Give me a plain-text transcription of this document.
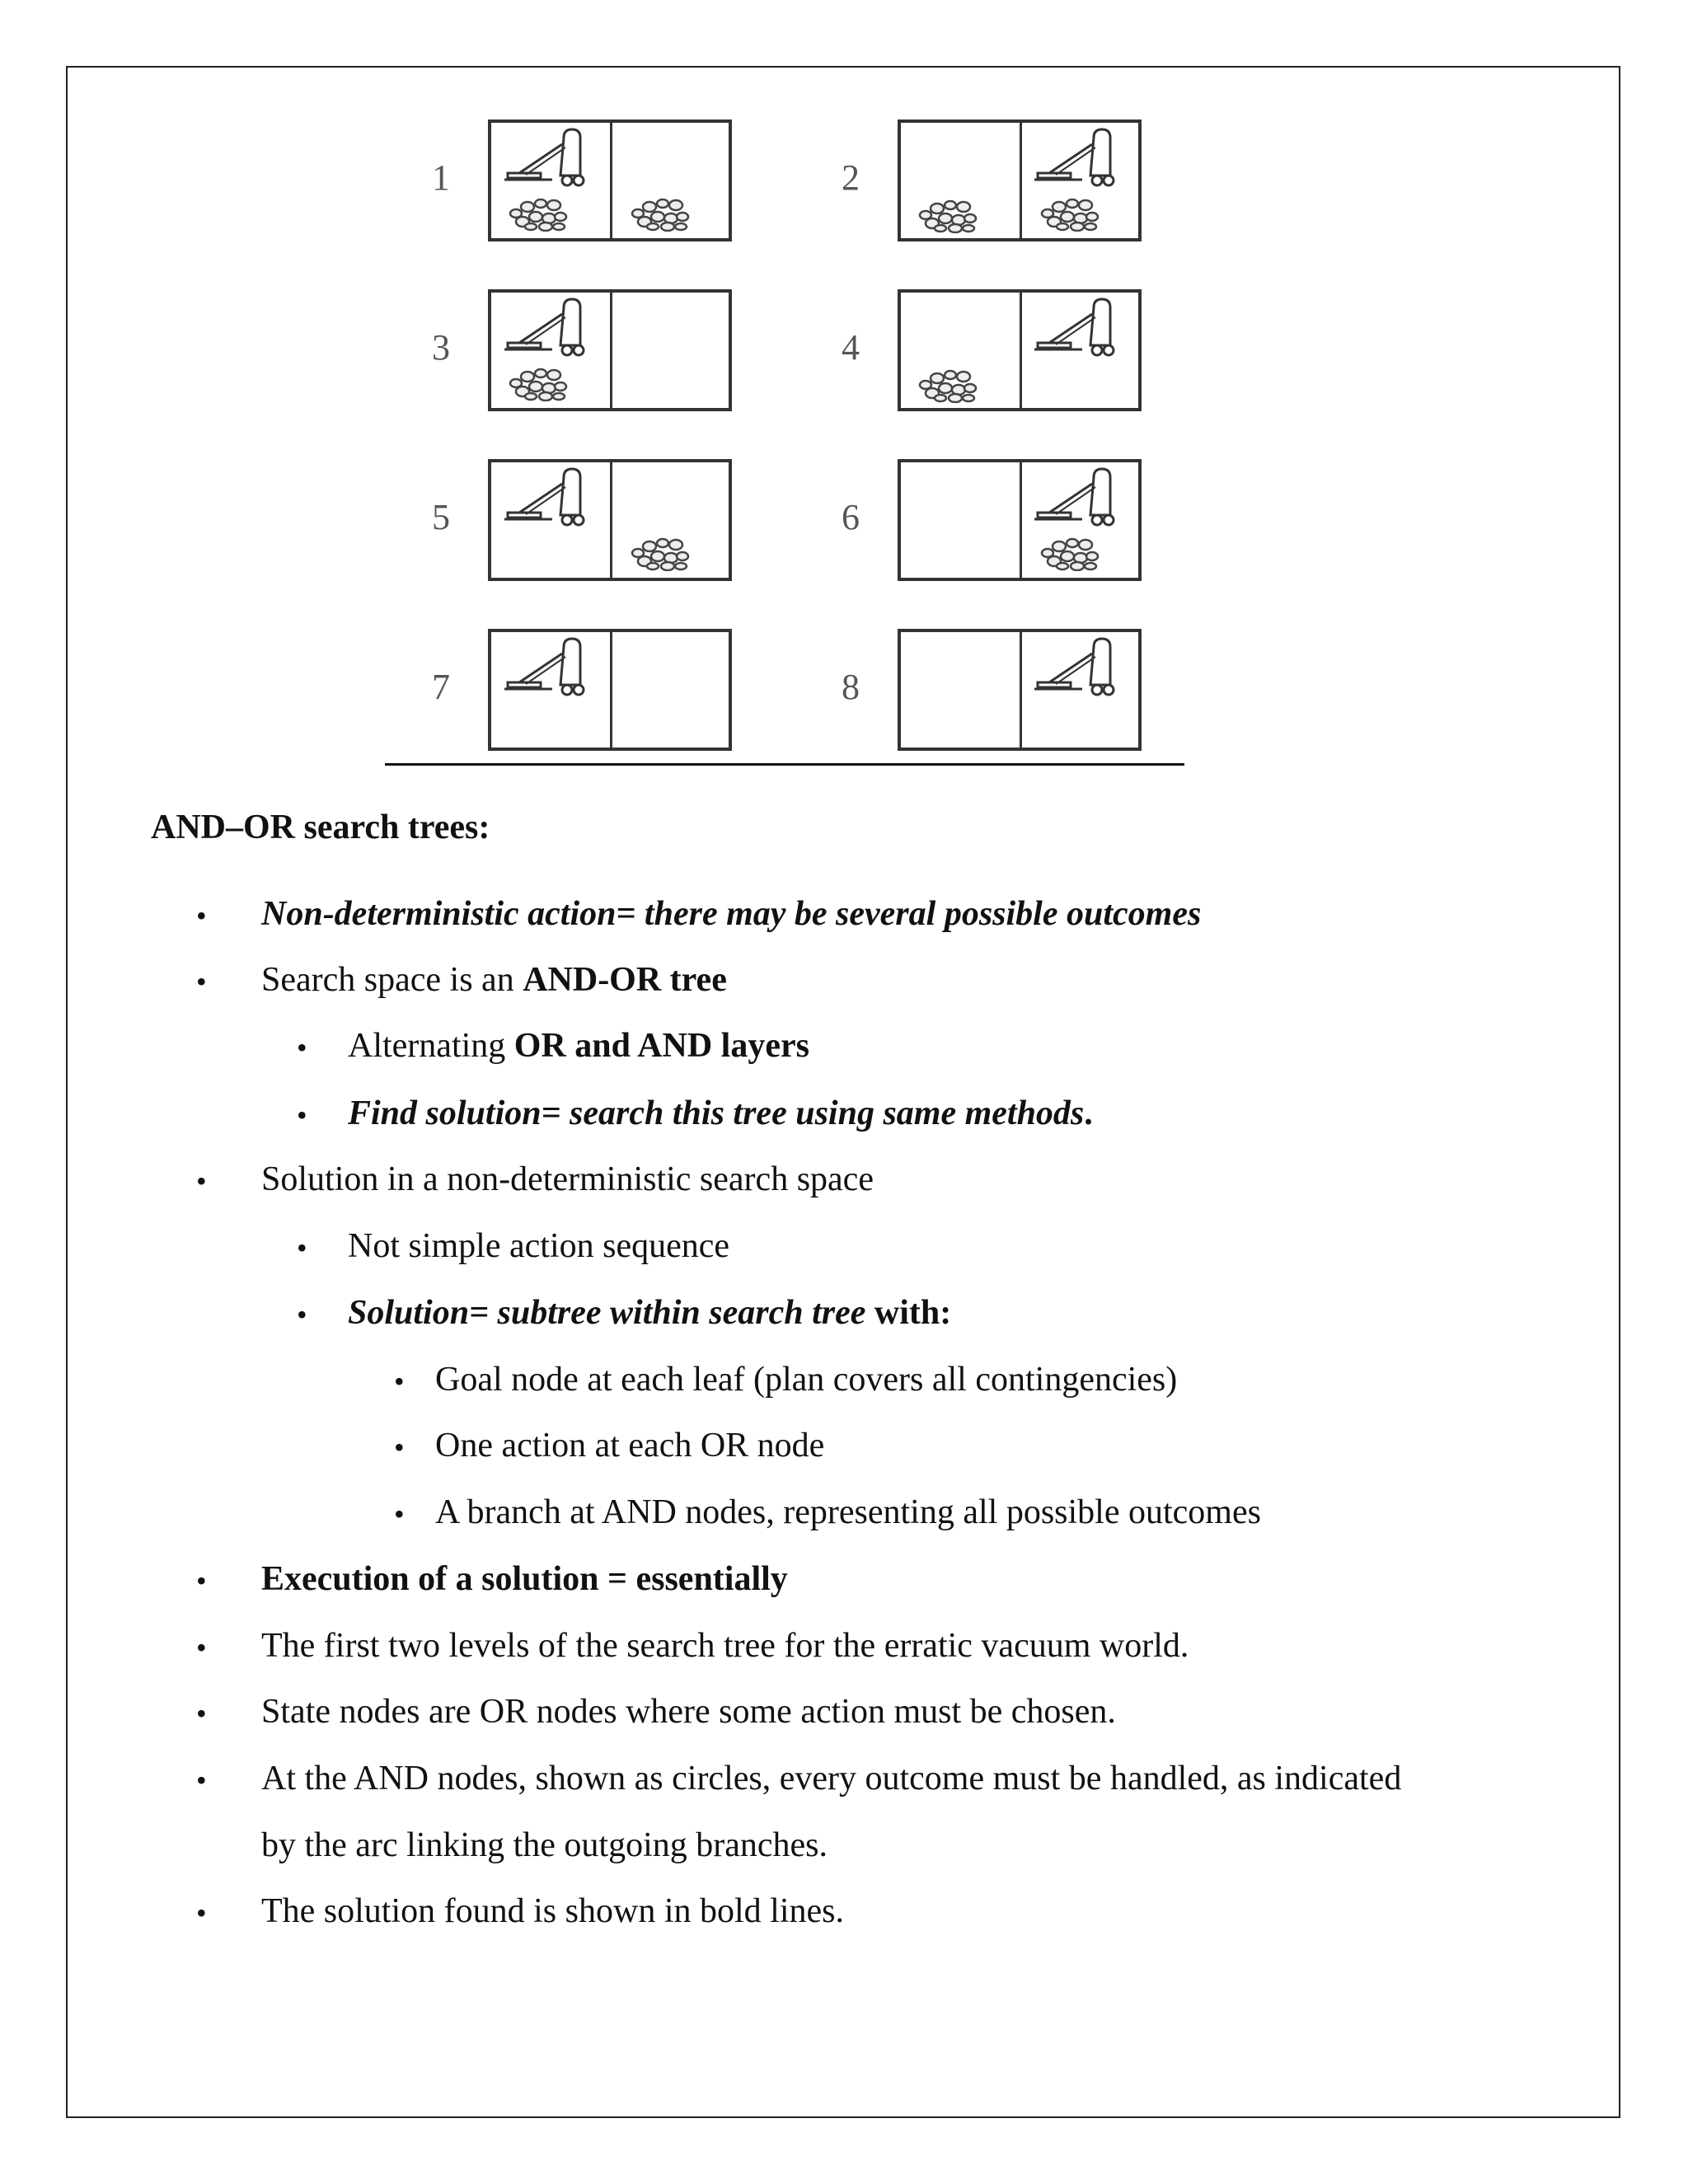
1	2
3	4
5	6
7	8
AND–OR search trees:
• Non-deterministic action= there may be several possible outcomes
• Search space is an AND-OR tree
• Alternating OR and AND layers
• Find solution= search this tree using same methods.
• Solution in a non-deterministic search space
• Not simple action sequence
• Solution= subtree within search tree with:
• Goal node at each leaf (plan covers all contingencies)
• One action at each OR node
• A branch at AND nodes, representing all possible outcomes
• Execution of a solution = essentially
• The first two levels of the search tree for the erratic vacuum world.
• State nodes are OR nodes where some action must be chosen.
• At the AND nodes, shown as circles, every outcome must be handled, as indicated
by the arc linking the outgoing branches.
• The solution found is shown in bold lines.
